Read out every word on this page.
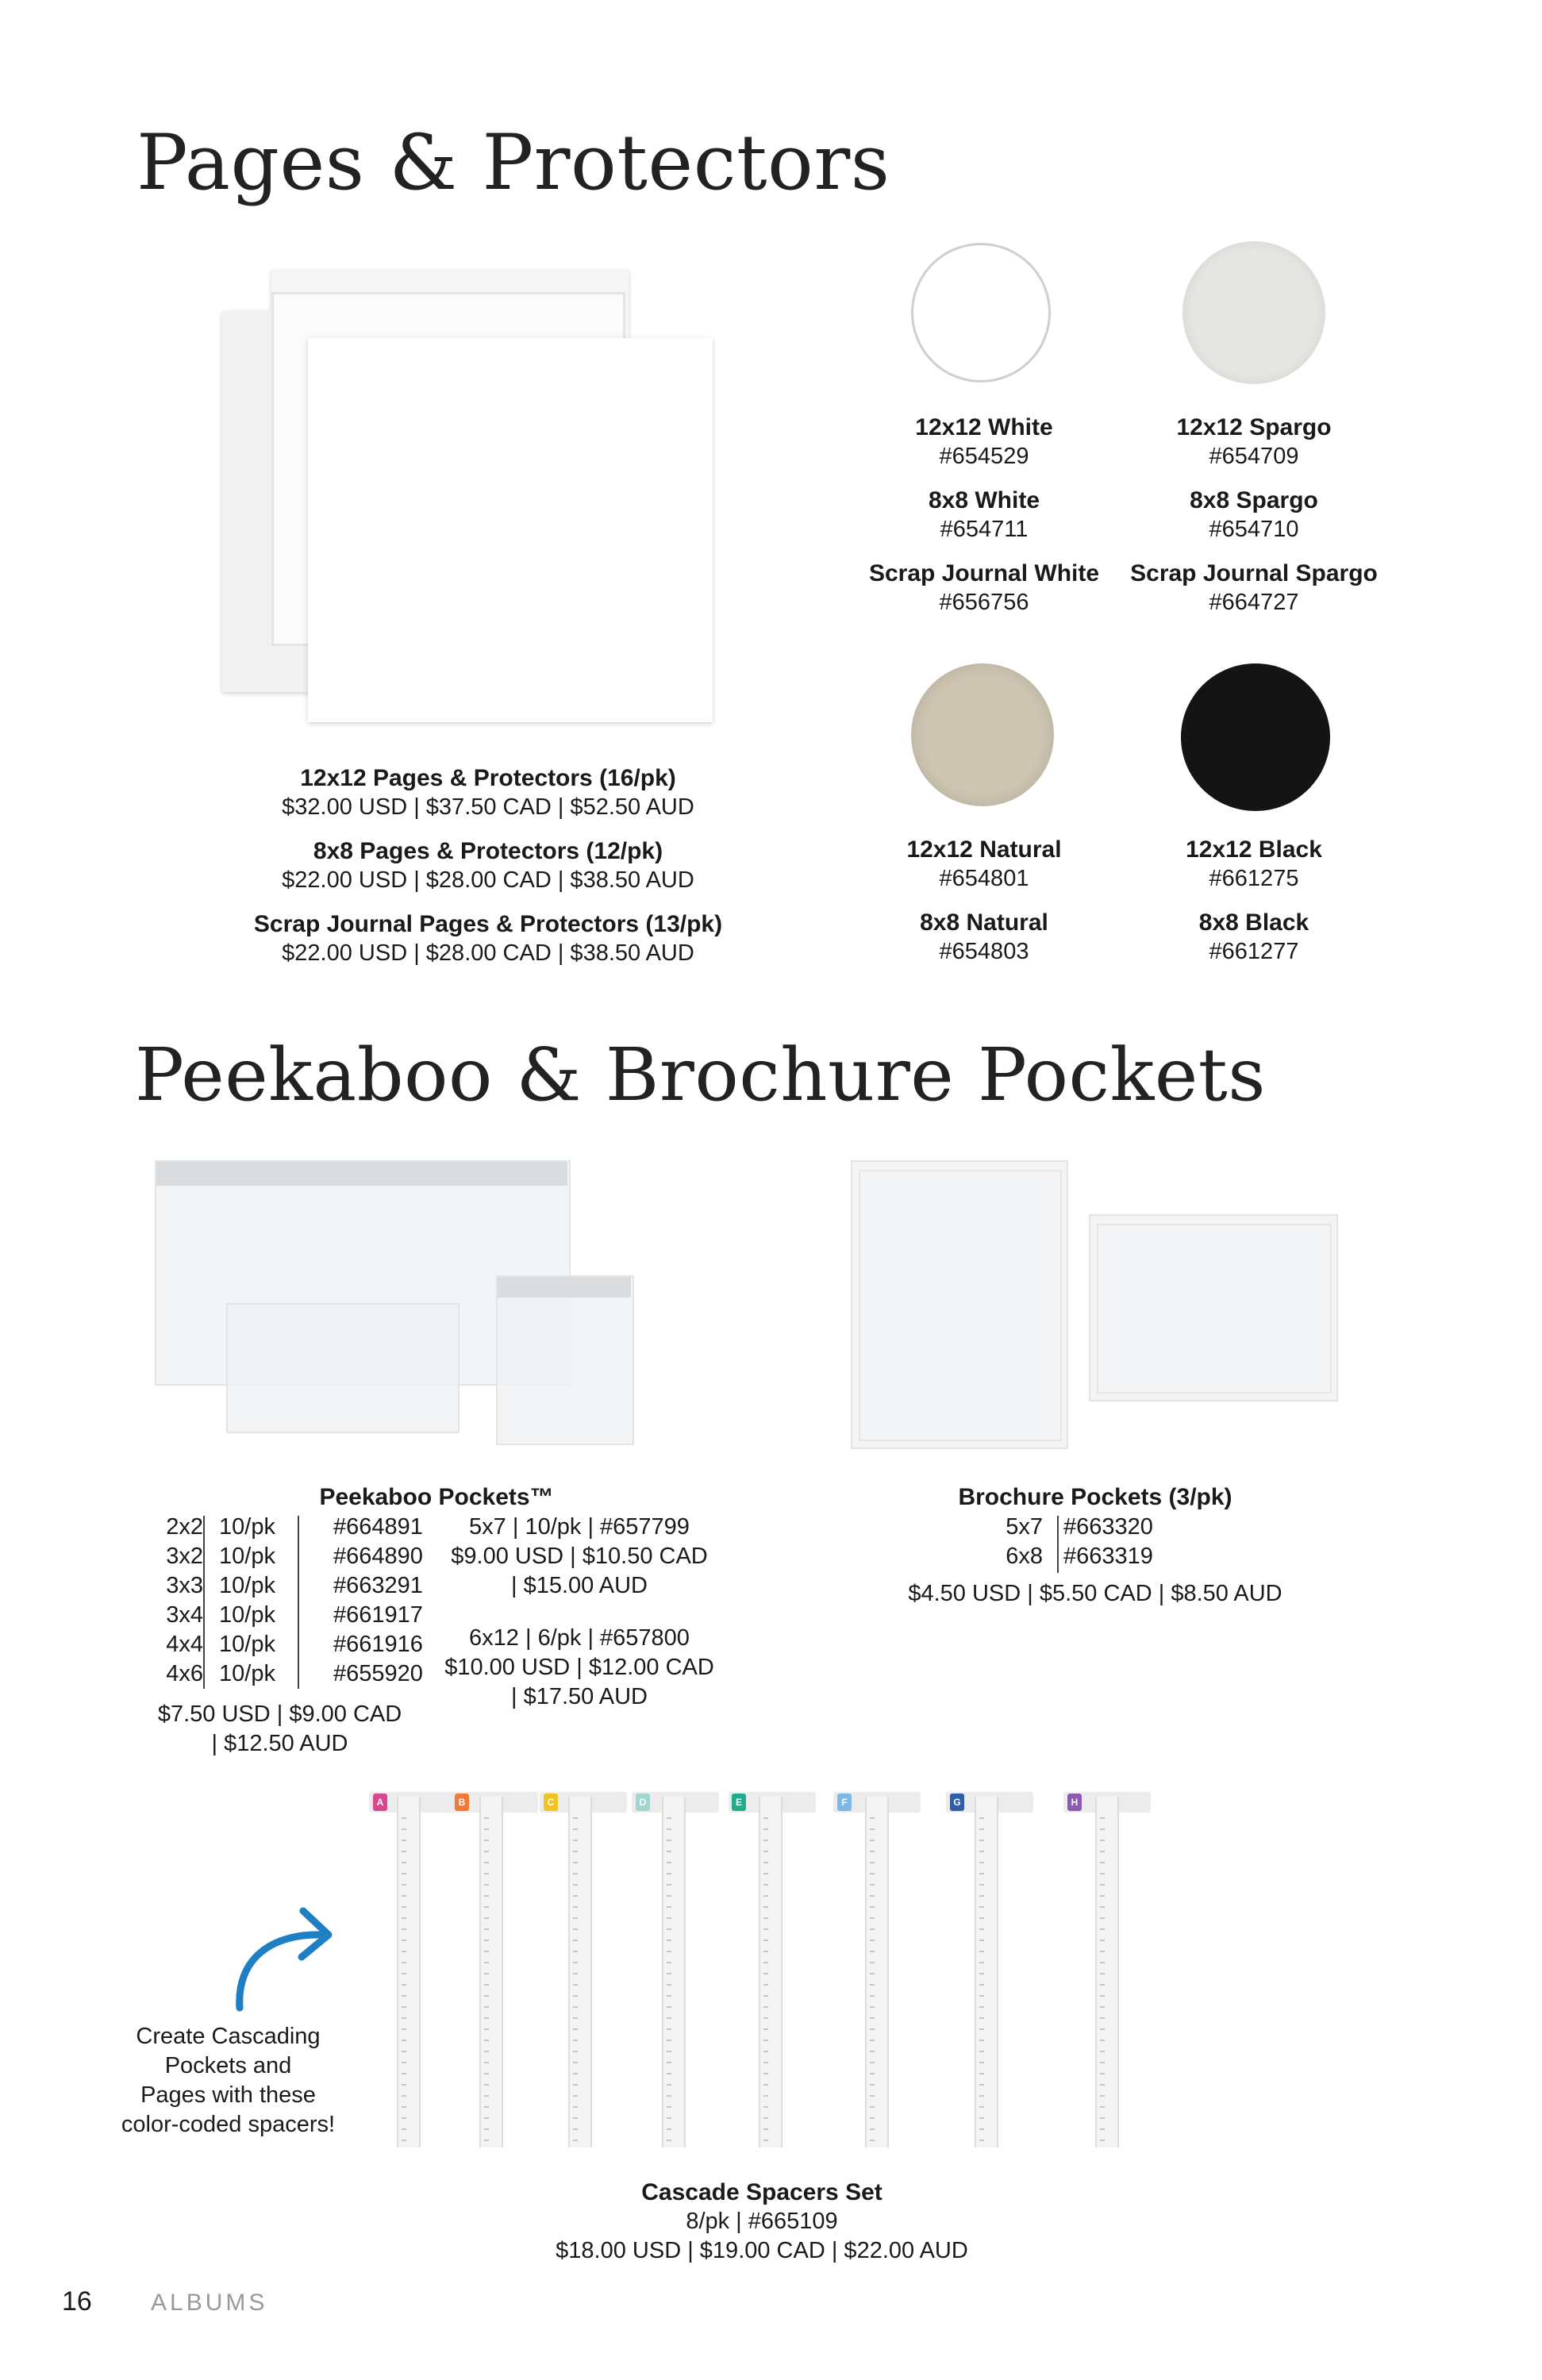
Pages & Protectors
12x12 Pages & Protectors (16/pk)
$32.00 USD | $37.50 CAD | $52.50 AUD
8x8 Pages & Protectors (12/pk)
$22.00 USD | $28.00 CAD | $38.50 AUD
Scrap Journal Pages & Protectors (13/pk)
$22.00 USD | $28.00 CAD | $38.50 AUD
12x12 White
#654529
8x8 White
#654711
Scrap Journal White
#656756
12x12 Spargo
#654709
8x8 Spargo
#654710
Scrap Journal Spargo
#664727
12x12 Natural
#654801
8x8 Natural
#654803
12x12 Black
#661275
8x8 Black
#661277
Peekaboo & Brochure Pockets
Peekaboo Pockets™
2x2 10/pk	#664891
3x2 10/pk	#664890
3x3 10/pk	#663291
3x4 10/pk	#661917
4x4 10/pk	#661916
4x6 10/pk	#655920
$7.50 USD | $9.00 CAD
| $12.50 AUD
5x7 | 10/pk | #657799
$9.00 USD | $10.50 CAD
| $15.00 AUD
6x12 | 6/pk | #657800
$10.00 USD | $12.00 CAD
| $17.50 AUD
Brochure Pockets (3/pk)
5x7 #663320
6x8 #663319
$4.50 USD | $5.50 CAD | $8.50 AUD
Create Cascading
Pockets and
Pages with these
color-coded spacers!
A	B	C	D	E	F	G	H
Cascade Spacers Set
8/pk | #665109
$18.00 USD | $19.00 CAD | $22.00 AUD
16 ALBUMS
